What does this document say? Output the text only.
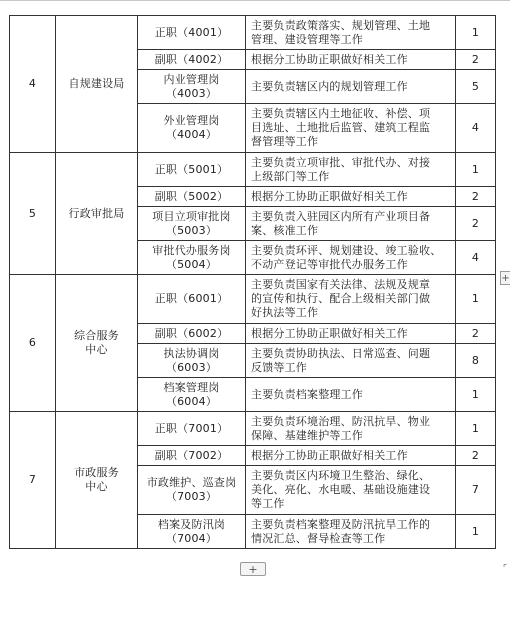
4	自规建设局	正职（4001）	主要负责政策落实、规划管理、土地
管理、建设管理等工作	1
		副职（4002）	根据分工协助正职做好相关工作	2
		内业管理岗
（4003）	主要负责辖区内的规划管理工作	5
		外业管理岗
（4004）	主要负责辖区内土地征收、补偿、项
目选址、土地批后监管、建筑工程监
督管理等工作	4
5	行政审批局	正职（5001）	主要负责立项审批、审批代办、对接
上级部门等工作	1
		副职（5002）	根据分工协助正职做好相关工作	2
		项目立项审批岗
（5003）	主要负责入驻园区内所有产业项目备
案、核准工作	2
		审批代办服务岗
（5004）	主要负责环评、规划建设、竣工验收、
不动产登记等审批代办服务工作	4
6	综合服务
中心	正职（6001）	主要负责国家有关法律、法规及规章
的宣传和执行、配合上级相关部门做
好执法等工作	1
		副职（6002）	根据分工协助正职做好相关工作	2
		执法协调岗
（6003）	主要负责协助执法、日常巡查、问题
反馈等工作	8
		档案管理岗
（6004）	主要负责档案整理工作	1
7	市政服务
中心	正职（7001）	主要负责环境治理、防汛抗旱、物业
保障、基建维护等工作	1
		副职（7002）	根据分工协助正职做好相关工作	2
		市政维护、巡查岗
（7003）	主要负责区内环境卫生整治、绿化、
美化、亮化、水电暖、基础设施建设
等工作	7
		档案及防汛岗
（7004）	主要负责档案整理及防汛抗旱工作的
情况汇总、督导检查等工作	1
+
+
⌜
